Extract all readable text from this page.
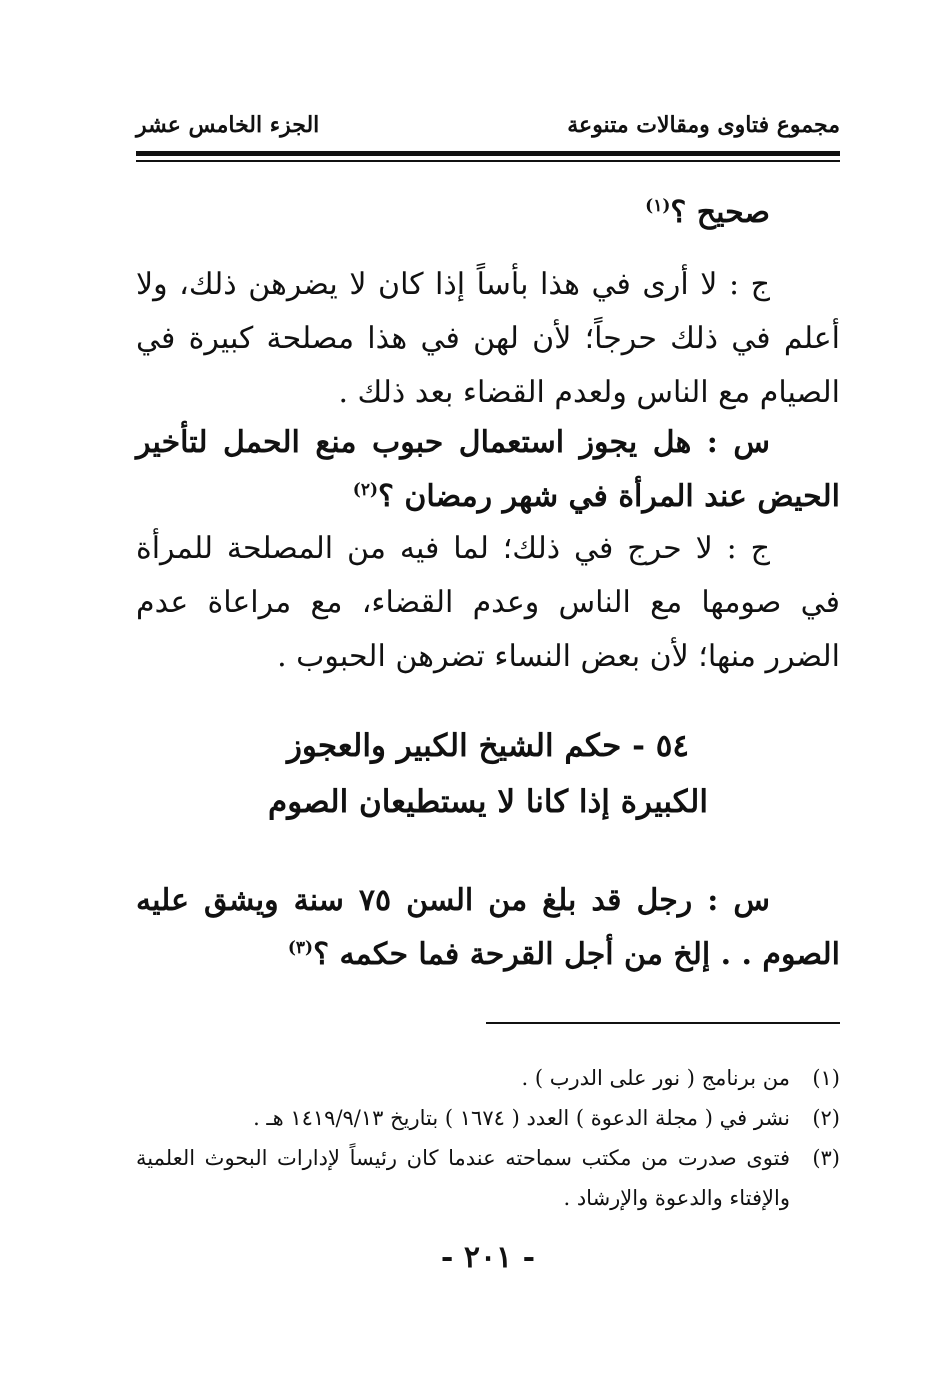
مجموع فتاوى ومقالات متنوعة
الجزء الخامس عشر

صحيح ؟$^{(١)}$

ج : لا أرى في هذا بأساً إذا كان لا يضرهن ذلك، ولا أعلم في ذلك حرجاً؛ لأن لهن في هذا مصلحة كبيرة في الصيام مع الناس ولعدم القضاء بعد ذلك .

س : هل يجوز استعمال حبوب منع الحمل لتأخير الحيض عند المرأة في شهر رمضان ؟$^{(٢)}$

ج : لا حرج في ذلك؛ لما فيه من المصلحة للمرأة في صومها مع الناس وعدم القضاء، مع مراعاة عدم الضرر منها؛ لأن بعض النساء تضرهن الحبوب .

٥٤ - حكم الشيخ الكبير والعجوز
الكبيرة إذا كانا لا يستطيعان الصوم

س : رجل قد بلغ من السن ٧٥ سنة ويشق عليه الصوم . . إلخ من أجل القرحة فما حكمه ؟$^{(٣)}$

(١)
من برنامج ( نور على الدرب ) .
(٢)
نشر في ( مجلة الدعوة ) العدد ( ١٦٧٤ ) بتاريخ ١٤١٩/٩/١٣ هـ .
(٣)
فتوى صدرت من مكتب سماحته عندما كان رئيساً لإدارات البحوث العلمية والإفتاء والدعوة والإرشاد .
- ٢٠١ -
